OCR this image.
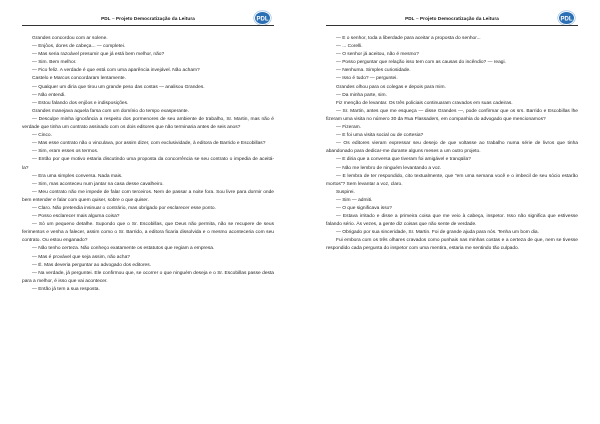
PDL – Projeto Democratização da Leitura	PDL

Grandes concordou com ar solene.

— Enjôos, dores de cabeça... — completei.

— Mas seria razoável presumir que já está bem melhor, não?

— Sim. Bem melhor.

— Fico feliz. A verdade é que está com uma aparência invejável. Não acham?

Castelo e Marcos concordaram lentamente.

— Qualquer um diria que tirou um grande peso das costas — analisou Grandes.

— Não entendi.

— Estou falando dos enjôos e indisposições.

Grandes manejava aquela farsa com um domínio do tempo exasperante.

— Desculpe minha ignorância a respeito dos pormenores de seu ambiente de trabalho, Sr. Martin, mas não é verdade que tinha um contrato assinado com os dois editores que não terminaria antes de seis anos?

— Cinco.

— Mas esse contrato não o vinculava, por assim dizer, com exclusividade, à editora de Barrido e Escobillas?

— Sim, eram esses os termos.

— Então por que motivo estaria discutindo uma proposta da concorrência se seu contrato o impedia de aceitá-la?

— Era uma simples conversa. Nada mais.

— Sim, mas aconteceu num jantar na casa desse cavalheiro.

— Meu contrato não me impede de falar com terceiros. Nem de passar a noite fora. Sou livre para dormir onde bem entender e falar com quem quiser, sobre o que quiser.

— Claro. Não pretendia insinuar o contrário, mas obrigado por esclarecer esse ponto.

— Posso esclarecer mais alguma coisa?

— Só um pequeno detalhe. Supondo que o Sr. Escobillas, que Deus não permita, não se recupere de seus ferimentos e venha a falecer, assim como o Sr. Barrido, a editora ficaria dissolvida e o mesmo aconteceria com seu contrato. Ou estou enganado?

— Não tenho certeza. Não conheço exatamente os estatutos que regiam a empresa.

— Mas é provável que seja assim, não acha?

— É. Mas deveria perguntar ao advogado dos editores.

— Na verdade, já perguntei. Ele confirmou que, se ocorrer o que ninguém deseja e o Sr. Escobillas passe desta para a melhor, é isso que vai acontecer.

— Então já tem a sua resposta.

PDL – Projeto Democratização da Leitura	PDL

— E o senhor, toda a liberdade para aceitar a proposta do senhor...

— ... Corelli.

— O senhor já aceitou, não é mesmo?

— Posso perguntar que relação isso tem com as causas do incêndio? — reagi.

— Nenhuma. Simples curiosidade.

— Isso é tudo? — perguntei.

Grandes olhou para os colegas e depois para mim.

— Da minha parte, sim.

Fiz menção de levantar. Os três policiais continuaram cravados em suas cadeiras.

— Sr. Martin, antes que me esqueça — disse Grandes —, pode confirmar que os srs. Barrido e Escobillas lhe fizeram uma visita no número 30 da Rua Flassaders, em companhia do advogado que mencionamos?

— Fizeram.

— E foi uma visita social ou de cortesia?

— Os editores vieram expressar seu desejo de que voltasse ao trabalho numa série de livros que tinha abandonado para dedicar-me durante alguns meses a um outro projeto.

— E diria que a conversa que tiveram foi amigável e tranqüila?

— Não me lembro de ninguém levantando a voz.

— E lembra de ter respondido, cito textualmente, que "em uma semana você e o imbecil de seu sócio estarão mortos"? Sem levantar a voz, claro.

Suspirei.

— Sim — admiti.

— O que significava isso?

— Estava irritado e disse a primeira coisa que me veio à cabeça, inspetor. Isso não significa que estivesse falando sério. Às vezes, a gente diz coisas que não sente de verdade.

— Obrigado por sua sinceridade, Sr. Martin. Foi de grande ajuda para nós. Tenha um bom dia.

Fui embora com os três olhares cravados como punhais nas minhas costas e a certeza de que, nem se tivesse respondido cada pergunta do inspetor com uma mentira, estaria me sentindo tão culpado.
